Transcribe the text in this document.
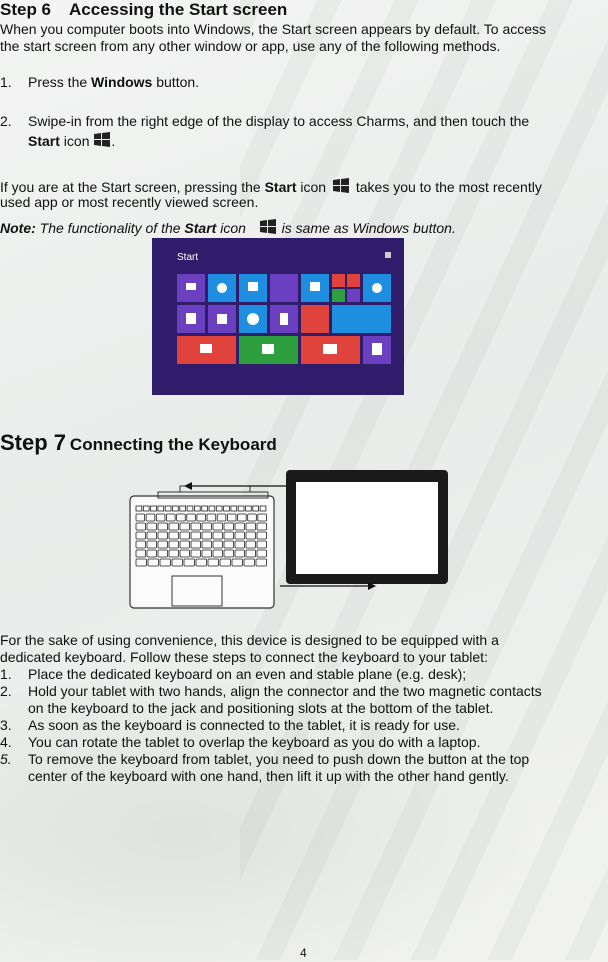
Step 6 Accessing the Start screen
When you computer boots into Windows, the Start screen appears by default. To access
the start screen from any other window or app, use any of the following methods.
1.	Press the Windows button.
2.	Swipe-in from the right edge of the display to access Charms, and then touch the
Start icon .
If you are at the Start screen, pressing the Start icon  takes you to the most recently
used app or most recently viewed screen.
Note: The functionality of the Start icon  is same as Windows button.
Start
Step 7 Connecting the Keyboard
For the sake of using convenience, this device is designed to be equipped with a
dedicated keyboard. Follow these steps to connect the keyboard to your tablet:
1.	Place the dedicated keyboard on an even and stable plane (e.g. desk);
2.	Hold your tablet with two hands, align the connector and the two magnetic contacts
on the keyboard to the jack and positioning slots at the bottom of the tablet.
3.	As soon as the keyboard is connected to the tablet, it is ready for use.
4.	You can rotate the tablet to overlap the keyboard as you do with a laptop.
5.	To remove the keyboard from tablet, you need to push down the button at the top
center of the keyboard with one hand, then lift it up with the other hand gently.
4
